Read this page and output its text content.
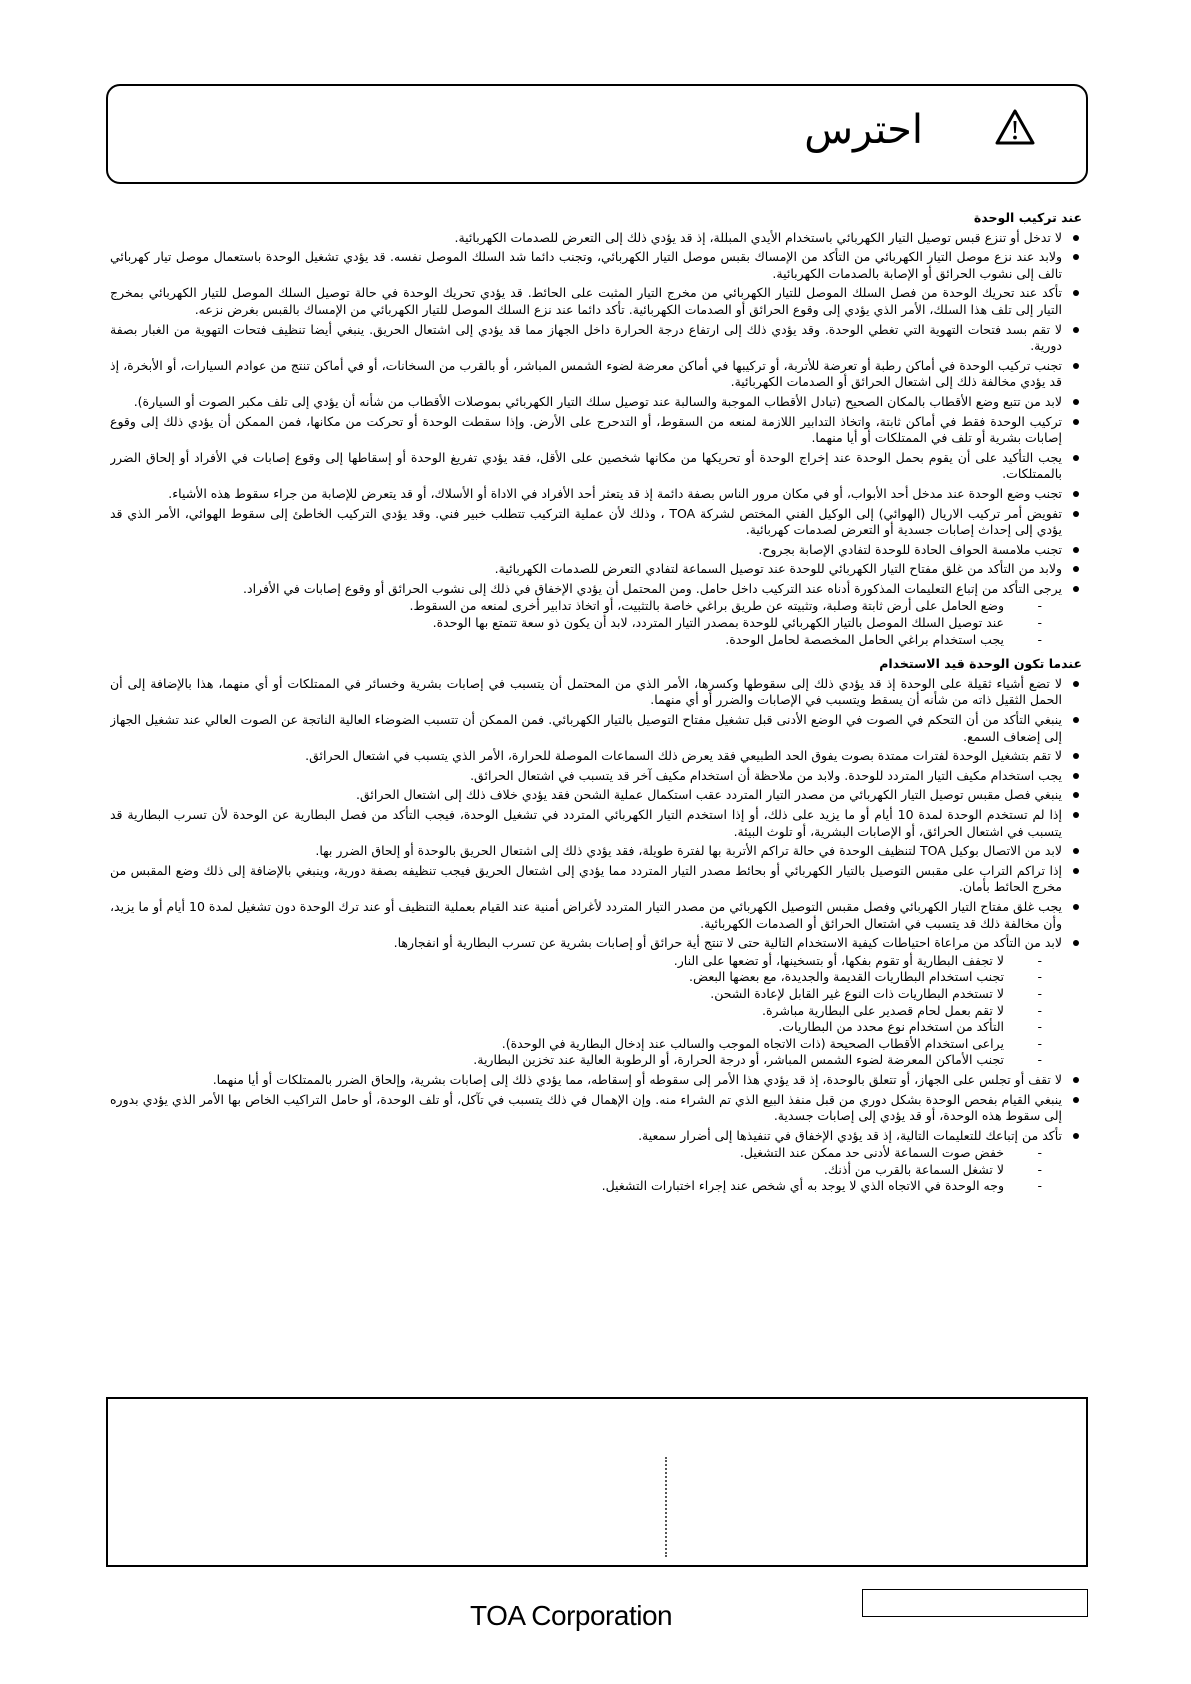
احترس
عند تركيب الوحدة
لا تدخل أو تنزع قبس توصيل التيار الكهربائي باستخدام الأيدي المبللة، إذ قد يؤدي ذلك إلى التعرض للصدمات الكهربائية.
ولابد عند نزع موصل التيار الكهربائي من التأكد من الإمساك بقبس موصل التيار الكهربائي، وتجنب دائما شد السلك الموصل نفسه. قد يؤدي تشغيل الوحدة باستعمال موصل تيار كهربائي تالف إلى نشوب الحرائق أو الإصابة بالصدمات الكهربائية.
تأكد عند تحريك الوحدة من فصل السلك الموصل للتيار الكهربائي من مخرج التيار المثبت على الحائط. قد يؤدي تحريك الوحدة في حالة توصيل السلك الموصل للتيار الكهربائي بمخرج التيار إلى تلف هذا السلك، الأمر الذي يؤدي إلى وقوع الحرائق أو الصدمات الكهربائية. تأكد دائما عند نزع السلك الموصل للتيار الكهربائي من الإمساك بالقبس بغرض نزعه.
لا تقم بسد فتحات التهوية التي تغطي الوحدة. وقد يؤدي ذلك إلى ارتفاع درجة الحرارة داخل الجهاز مما قد يؤدي إلى اشتعال الحريق. ينبغي أيضا تنظيف فتحات التهوية من الغبار بصفة دورية.
تجنب تركيب الوحدة في أماكن رطبة أو تعرضة للأتربة، أو تركيبها في أماكن معرضة لضوء الشمس المباشر، أو بالقرب من السخانات، أو في أماكن تنتج من عوادم السيارات، أو الأبخرة، إذ قد يؤدي مخالفة ذلك إلى اشتعال الحرائق أو الصدمات الكهربائية.
لابد من تتبع وضع الأقطاب بالمكان الصحيح (تبادل الأقطاب الموجبة والسالبة عند توصيل سلك التيار الكهربائي بموصلات الأقطاب من شأنه أن يؤدي إلى تلف مكبر الصوت أو السيارة).
تركيب الوحدة فقط في أماكن ثابتة، واتخاذ التدابير اللازمة لمنعه من السقوط، أو التدحرج على الأرض. وإذا سقطت الوحدة أو تحركت من مكانها، فمن الممكن أن يؤدي ذلك إلى وقوع إصابات بشرية أو تلف في الممتلكات أو أيا منهما.
يجب التأكيد على أن يقوم بحمل الوحدة عند إخراج الوحدة أو تحريكها من مكانها شخصين على الأقل، فقد يؤدي تفريغ الوحدة أو إسقاطها إلى وقوع إصابات في الأفراد أو إلحاق الضرر بالممتلكات.
تجنب وضع الوحدة عند مدخل أحد الأبواب، أو في مكان مرور الناس بصفة دائمة إذ قد يتعثر أحد الأفراد في الاداة أو الأسلاك، أو قد يتعرض للإصابة من جراء سقوط هذه الأشياء.
تفويض أمر تركيب الاريال (الهوائي) إلى الوكيل الفني المختص لشركة TOA ، وذلك لأن عملية التركيب تتطلب خبير فني. وقد يؤدي التركيب الخاطئ إلى سقوط الهوائي، الأمر الذي قد يؤدي إلى إحداث إصابات جسدية أو التعرض لصدمات كهربائية.
تجنب ملامسة الحواف الحادة للوحدة لتفادي الإصابة بجروح.
ولابد من التأكد من غلق مفتاح التيار الكهربائي للوحدة عند توصيل السماعة لتفادي التعرض للصدمات الكهربائية.
يرجى التأكد من إتباع التعليمات المذكورة أدناه عند التركيب داخل حامل. ومن المحتمل أن يؤدي الإخفاق في ذلك إلى نشوب الحرائق أو وقوع إصابات في الأفراد.
- وضع الحامل على أرض ثابتة وصلبة، وتثبيته عن طريق براغي خاصة بالتثبيت، أو اتخاذ تدابير أخرى لمنعه من السقوط.
- عند توصيل السلك الموصل بالتيار الكهربائي للوحدة بمصدر التيار المتردد، لابد أن يكون ذو سعة تتمتع بها الوحدة.
- يجب استخدام براغي الحامل المخصصة لحامل الوحدة.
عندما تكون الوحدة قيد الاستخدام
لا تضع أشياء ثقيلة على الوحدة إذ قد يؤدي ذلك إلى سقوطها وكسرها، الأمر الذي من المحتمل أن يتسبب في إصابات بشرية وخسائر في الممتلكات أو أي منهما، هذا بالإضافة إلى أن الحمل الثقيل ذاته من شأنه أن يسقط ويتسبب في الإصابات والضرر أو أي منهما.
ينبغي التأكد من أن التحكم في الصوت في الوضع الأدنى قبل تشغيل مفتاح التوصيل بالتيار الكهربائي. فمن الممكن أن تتسبب الضوضاء العالية الناتجة عن الصوت العالي عند تشغيل الجهاز إلى إضعاف السمع.
لا تقم بتشغيل الوحدة لفترات ممتدة بصوت يفوق الحد الطبيعي فقد يعرض ذلك السماعات الموصلة للحرارة، الأمر الذي يتسبب في اشتعال الحرائق.
يجب استخدام مكيف التيار المتردد للوحدة. ولابد من ملاحظة أن استخدام مكيف آخر قد يتسبب في اشتعال الحرائق.
ينبغي فصل مقبس توصيل التيار الكهربائي من مصدر التيار المتردد عقب استكمال عملية الشحن فقد يؤدي خلاف ذلك إلى اشتعال الحرائق.
إذا لم تستخدم الوحدة لمدة 10 أيام أو ما يزيد على ذلك، أو إذا استخدم التيار الكهربائي المتردد في تشغيل الوحدة، فيجب التأكد من فصل البطارية عن الوحدة لأن تسرب البطارية قد يتسبب في اشتعال الحرائق، أو الإصابات البشرية، أو تلوث البيئة.
لابد من الاتصال بوكيل TOA لتنظيف الوحدة في حالة تراكم الأتربة بها لفترة طويلة، فقد يؤدي ذلك إلى اشتعال الحريق بالوحدة أو إلحاق الضرر بها.
إذا تراكم التراب على مقبس التوصيل بالتيار الكهربائي أو بحائط مصدر التيار المتردد مما يؤدي إلى اشتعال الحريق فيجب تنظيفه بصفة دورية، وينبغي بالإضافة إلى ذلك وضع المقبس من مخرج الحائط بأمان.
يجب غلق مفتاح التيار الكهربائي وفصل مقبس التوصيل الكهربائي من مصدر التيار المتردد لأغراض أمنية عند القيام بعملية التنظيف أو عند ترك الوحدة دون تشغيل لمدة 10 أيام أو ما يزيد، وأن مخالفة ذلك قد يتسبب في اشتعال الحرائق أو الصدمات الكهربائية.
لابد من التأكد من مراعاة احتياطات كيفية الاستخدام التالية حتى لا تنتج أية حرائق أو إصابات بشرية عن تسرب البطارية أو انفجارها.
- لا تجفف البطارية أو تقوم بفكها، أو بتسخينها، أو تضعها على النار.
- تجنب استخدام البطاريات القديمة والجديدة، مع بعضها البعض.
- لا تستخدم البطاريات ذات النوع غير القابل لإعادة الشحن.
- لا تقم بعمل لحام قصدير على البطارية مباشرة.
- التأكد من استخدام نوع محدد من البطاريات.
- يراعى استخدام الأقطاب الصحيحة (ذات الاتجاه الموجب والسالب عند إدخال البطارية في الوحدة).
- تجنب الأماكن المعرضة لضوء الشمس المباشر، أو درجة الحرارة، أو الرطوبة العالية عند تخزين البطارية.
لا تقف أو تجلس على الجهاز، أو تتعلق بالوحدة، إذ قد يؤدي هذا الأمر إلى سقوطه أو إسقاطه، مما يؤدي ذلك إلى إصابات بشرية، وإلحاق الضرر بالممتلكات أو أيا منهما.
ينبغي القيام بفحص الوحدة بشكل دوري من قبل منفذ البيع الذي تم الشراء منه. وإن الإهمال في ذلك يتسبب في تآكل، أو تلف الوحدة، أو حامل التراكيب الخاص بها الأمر الذي يؤدي بدوره إلى سقوط هذه الوحدة، أو قد يؤدي إلى إصابات جسدية.
تأكد من إتباعك للتعليمات التالية، إذ قد يؤدي الإخفاق في تنفيذها إلى أضرار سمعية.
- خفض صوت السماعة لأدنى حد ممكن عند التشغيل.
- لا تشغل السماعة بالقرب من أذنك.
- وجه الوحدة في الاتجاه الذي لا يوجد به أي شخص عند إجراء اختبارات التشغيل.
TOA Corporation
